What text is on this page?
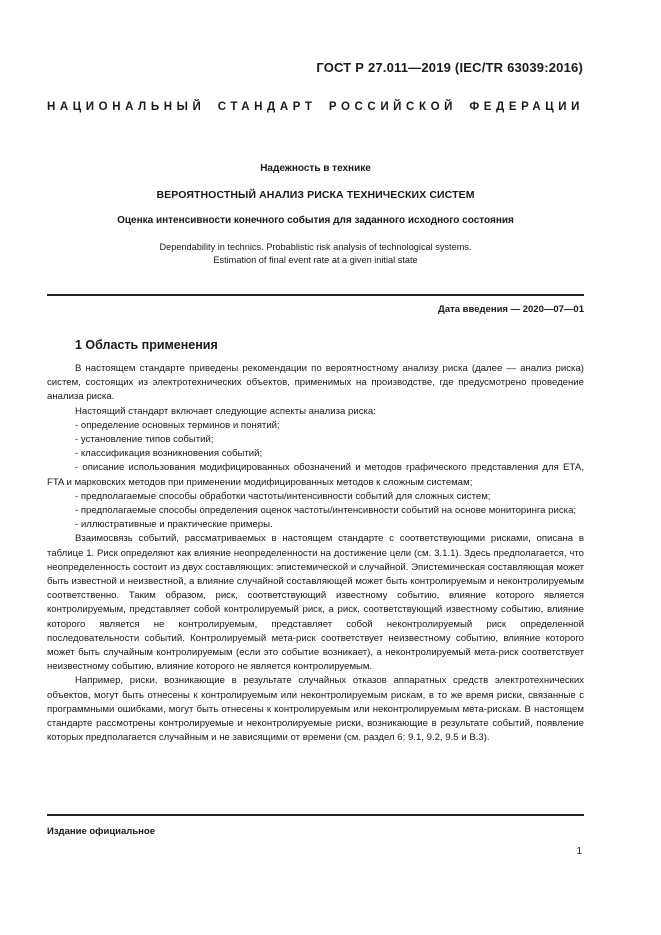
ГОСТ Р 27.011—2019 (IEC/TR 63039:2016)
НАЦИОНАЛЬНЫЙ СТАНДАРТ РОССИЙСКОЙ ФЕДЕРАЦИИ
Надежность в технике
ВЕРОЯТНОСТНЫЙ АНАЛИЗ РИСКА ТЕХНИЧЕСКИХ СИСТЕМ
Оценка интенсивности конечного события для заданного исходного состояния
Dependability in technics. Probablistic risk analysis of technological systems.
Estimation of final event rate at a given initial state
Дата введения — 2020—07—01
1 Область применения

В настоящем стандарте приведены рекомендации по вероятностному анализу риска (далее — анализ риска) систем, состоящих из электротехнических объектов, применимых на производстве, где предусмотрено проведение анализа риска.

Настоящий стандарт включает следующие аспекты анализа риска:

- определение основных терминов и понятий;

- установление типов событий;

- классификация возникновения событий;

- описание использования модифицированных обозначений и методов графического представления для ЕТА, FTA и марковских методов при применении модифицированных методов к сложным системам;

- предполагаемые способы обработки частоты/интенсивности событий для сложных систем;

- предполагаемые способы определения оценок частоты/интенсивности событий на основе мониторинга риска;

- иллюстративные и практические примеры.

Взаимосвязь событий, рассматриваемых в настоящем стандарте с соответствующими рисками, описана в таблице 1. Риск определяют как влияние неопределенности на достижение цели (см. 3.1.1). Здесь предполагается, что неопределенность состоит из двух составляющих: эпистемической и случайной. Эпистемическая составляющая может быть известной и неизвестной, а влияние случайной составляющей может быть контролируемым и неконтролируемым соответственно. Таким образом, риск, соответствующий известному событию, влияние которого является контролируемым, представляет собой контролируемый риск, а риск, соответствующий известному событию, влияние которого является не контролируемым, представляет собой неконтролируемый риск определенной последовательности событий. Контролируемый мета-риск соответствует неизвестному событию, влияние которого может быть случайным контролируемым (если это событие возникает), а неконтролируемый мета-риск соответствует неизвестному событию, влияние которого не является контролируемым.

Например, риски, возникающие в результате случайных отказов аппаратных средств электротехнических объектов, могут быть отнесены к контролируемым или неконтролируемым рискам, в то же время риски, связанные с программными ошибками, могут быть отнесены к контролируемым или неконтролируемым мета-рискам. В настоящем стандарте рассмотрены контролируемые и неконтролируемые риски, возникающие в результате событий, появление которых предполагается случайным и не зависящими от времени (см. раздел 6; 9.1, 9.2, 9.5 и B.3).

Издание официальное
1
